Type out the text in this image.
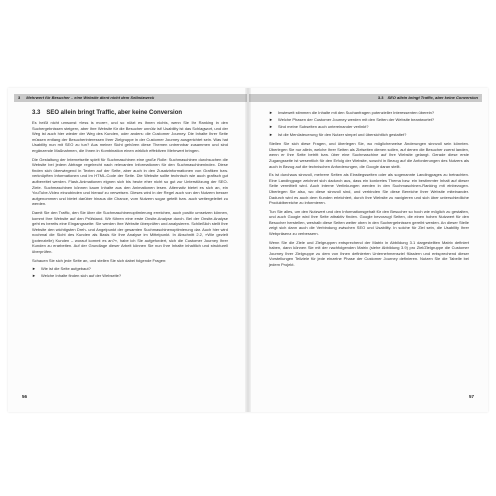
3 Mehrwert für Besucher – eine Website dient nicht dem Selbstzweck
3.3 SEO allein bringt Traffic, aber keine Conversion

Es heißt nicht umsonst »less is more«, und so nützt es Ihnen nichts, wenn Sie Ihr Ranking in den Suchergebnissen steigern, aber Ihre Website für die Besucher unnütz ist! Usability ist das Schlagwort, und der Weg ist auch hier wieder der Weg des Kunden, oder anders: die Customer Journey. Die Inhalte Ihrer Seite müssen entlang der Besucherinteressen Ihrer Zielgruppe in der Customer Journey ausgerichtet sein. Was hat Usability nun mit SEO zu tun? Aus meiner Sicht gehören diese Themen untrennbar zusammen und sind ergänzende Maßnahmen, die Ihnen in Kombination einen wirklich effektiven Mehrwert bringen.

Die Gestaltung der Internetseite spielt für Suchmaschinen eine große Rolle: Suchmaschinen durchsuchen die Website bei jedem Abfrage regelrecht nach relevanten Informationen für den Suchmaschinenindex. Diese finden sich überwiegend in Texten auf der Seite, aber auch in den Zusatzinformationen von Grafiken bzw. verknüpften Informationen und im HTML-Code der Seite. Die Website sollte technisch wie auch grafisch gut aufbereitet werden. Flash-Animationen eignen sich bis heute eher nicht so gut zur Unterstützung der SEO-Ziele. Suchmaschinen können kaum Inhalte aus den Animationen lesen. Alternativ bietet es sich an, ein YouTube-Video einzubinden und hierauf zu verweisen. Dieses wird in der Regel auch von den Nutzern besser aufgenommen und bietet darüber hinaus die Chance, vom Nutzern sogar geteilt bzw. auch weitergeleitet zu werden.

Damit Sie den Traffic, den Sie über die Suchmaschinenoptimierung erreichen, auch positiv umsetzen können, kommt Ihre Website auf den Prüfstand. Wir führen eine erste Onsite-Analyse durch. Bei der Onsite-Analyse geht es bereits eine Eingangsseite: Sie werden Ihre Website überprüfen und analysieren. Schließlich stellt Ihre Website den wichtigsten Dreh- und Angelpunkt der gesamten Suchmaschinenoptimierung dar. Auch hier wird nochmal die Sicht des Kunden als Basis für Ihre Analyse im Mittelpunkt. In Abschnitt 2.2, »Wie gezielt (potenzielle) Kunden – worauf kommt es an?«, habe ich Sie aufgefordert, sich die Customer Journey Ihrer Kunden zu erarbeiten. Auf der Grundlage dieser Arbeit können Sie nun Ihre Inhalte inhaltlich und strukturell überprüfen.

Schauen Sie sich jede Seite an, und stellen Sie sich dabei folgende Fragen:

► Wie ist die Seite aufgebaut?
► Welche Inhalte finden sich auf der Webseite?
56
3.3 SEO allein bringt Traffic, aber keine Conversion
► Inwieweit stimmen die Inhalte mit den Suchanfragen potenzieller Interessenten überein?
► Welche Phasen der Customer Journey werden mit den Seiten der Website beantwortet?
► Sind meine Subseiten auch untereinander verlinkt?
► Ist die Menüsteuerung für den Nutzer simpel und übersichtlich gestaltet?

Stellen Sie sich diese Fragen, und überlegen Sie, wo möglicherweise Änderungen sinnvoll sein könnten. Überlegen Sie nur allein, welche Ihrer Seiten als Zielseiten dienen sollen, auf denen die Besucher zuerst landen, wenn er Ihre Seite betritt bzw. über eine Suchmaschine auf Ihre Website gelangt. Gerade diese erste Zugangsseite ist wesentlich für den Erfolg der Website, sowohl in Bezug auf die Anforderungen des Nutzers als auch in Bezug auf die technischen Anforderungen, die Google daran stellt.

Es ist durchaus sinnvoll, mehrere Seiten als Einstiegsseiten oder als sogenannte Landingpages zu betrachten. Eine Landingpage zeichnet sich dadurch aus, dass ein konkretes Thema bzw. ein bestimmter Inhalt auf dieser Seite vermittelt wird. Auch interne Verlinkungen werden in den Suchmaschinen-Ranking mit einbezogen. Überlegen Sie also, wo diese sinnvoll sind, und verbinden Sie diese Bereiche Ihrer Website miteinander. Dadurch wird es auch dem Kunden erleichtert, durch Ihre Website zu navigieren und sich über unterschiedliche Produktbereiche zu informieren.

Tun Sie alles, um den Nutzwert und den Informationsgehalt für den Besucher so hoch wie möglich zu gestalten, und auch Google wird Ihre Seite attraktiv finden. Google bevorzugt Seiten, die einen hohen Nutzwert für den Besucher herstellen, weshalb diese Seiten weiter oben in den Suchergebnissen gereiht werden. An dieser Stelle zeigt sich dann auch die Verbindung zwischen SEO und Usability. In solche für Ziel sein, die Usability Ihrer Webpräsenz zu verbessern.

Wenn Sie die Ziele und Zielgruppen entsprechend der Matrix in Abbildung 3.1 dargestellten Matrix definiert haben, dann können Sie mit der nachfolgenden Matrix (siehe Abbildung 3.9) pro Ziel/Zielgruppe die Customer Journey Ihrer Zielgruppe zu dem von Ihnen definierten Unternehmensziel flüssiern und entsprechend dieser Vorstellungen Teilziele für jede einzelne Phase der Customer Journey definieren. Nutzen Sie die Tabelle bei jedem Projekt.

57
